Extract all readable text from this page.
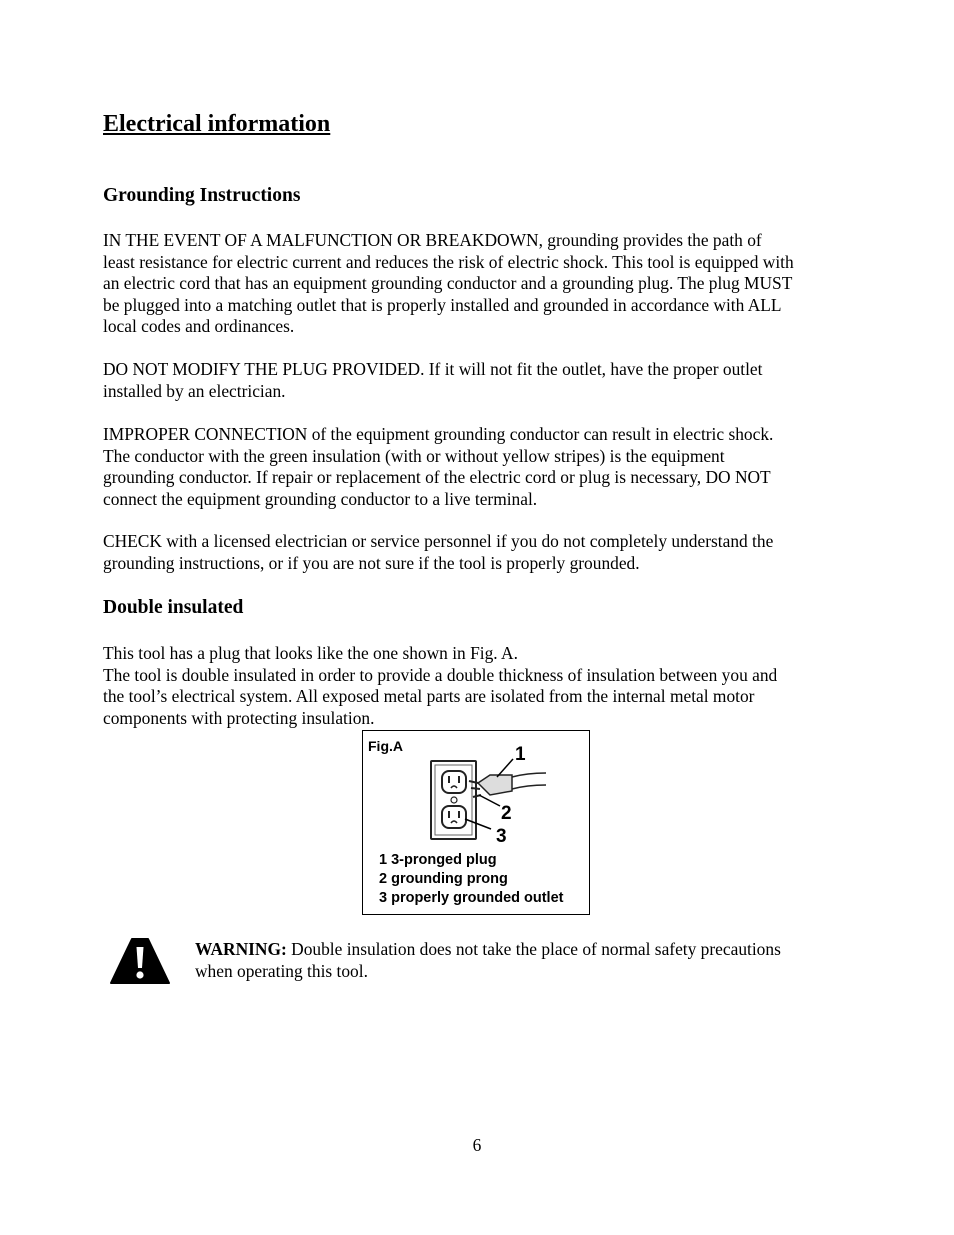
Electrical information
Grounding Instructions

IN THE EVENT OF A MALFUNCTION OR BREAKDOWN, grounding provides the path of
least resistance for electric current and reduces the risk of electric shock. This tool is equipped with
an electric cord that has an equipment grounding conductor and a grounding plug. The plug MUST
be plugged into a matching outlet that is properly installed and grounded in accordance with ALL
local codes and ordinances.

DO NOT MODIFY THE PLUG PROVIDED. If it will not fit the outlet, have the proper outlet
installed by an electrician.

IMPROPER CONNECTION of the equipment grounding conductor can result in electric shock.
The conductor with the green insulation (with or without yellow stripes) is the equipment
grounding conductor. If repair or replacement of the electric cord or plug is necessary, DO NOT
connect the equipment grounding conductor to a live terminal.

CHECK with a licensed electrician or service personnel if you do not completely understand the
grounding instructions, or if you are not sure if the tool is properly grounded.

Double insulated

This tool has a plug that looks like the one shown in Fig. A.
The tool is double insulated in order to provide a double thickness of insulation between you and
the tool’s electrical system. All exposed metal parts are isolated from the internal metal motor
components with protecting insulation.

Fig.A	1
2
3
1 3-pronged plug
2 grounding prong
3 properly grounded outlet

WARNING: Double insulation does not take the place of normal safety precautions
when operating this tool.

6
